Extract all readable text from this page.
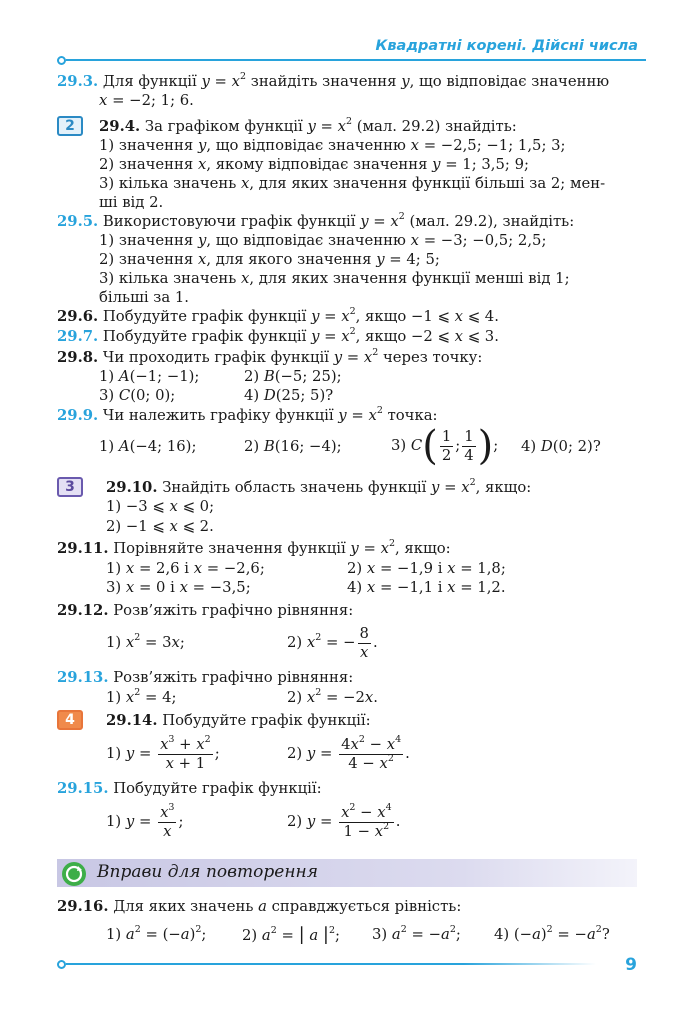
Квадратні корені. Дійсні числа
29.3. Для функції $y = x^2$ знайдіть значення y, що відповідає значенню
x = −2; 1; 6.
2	29.4. За графіком функції $y = x^2$ (мал. 29.2) знайдіть:
1) значення y, що відповідає значенню x = −2,5; −1; 1,5; 3;
2) значення x, якому відповідає значення y = 1; 3,5; 9;
3) кількa значень x, для яких значення функції більші за 2; мен-
ші від 2.
29.5. Використовуючи графік функції $y = x^2$ (мал. 29.2), знайдіть:
1) значення y, що відповідає значенню x = −3; −0,5; 2,5;
2) значення x, для якого значення y = 4; 5;
3) кількa значень x, для яких значення функції менші від 1;
більші за 1.
29.6. Побудуйте графік функції $y = x^2$, якщо −1 ⩽ x ⩽ 4.
29.7. Побудуйте графік функції $y = x^2$, якщо −2 ⩽ x ⩽ 3.
29.8. Чи проходить графік функції $y = x^2$ через точку:
1) A(−1; −1);	2) B(−5; 25);
3) C(0; 0);	4) D(25; 5)?
29.9. Чи належить графіку функції $y = x^2$ точка:
1) A(−4; 16);	2) B(16; −4);	3) $C( \frac{1}{2}$ ; $\frac{1}{4}$ ); 4) D(0; 2)?
3	29.10. Знайдіть область значень функції $y = x^2$, якщо:
1) −3 ⩽ x ⩽ 0;
2) −1 ⩽ x ⩽ 2.
29.11. Порівняйте значення функції $y = x^2$, якщо:
1) x = 2,6 і x = −2,6;	2) x = −1,9 і x = 1,8;
3) x = 0 і x = −3,5;	4) x = −1,1 і x = 1,2.
29.12. Розв’яжіть графічно рівняння:
1) $x^2 = 3x$;	2) $x^2$ = − $\frac{8}{x}$ .
29.13. Розв’яжіть графічно рівняння:
1) $x^2 = 4$;	2) $x^2 = -2x$.
4	29.14. Побудуйте графік функції:
1) $y = \frac{x^3 + x^2}{x + 1}$ ;	2) $y = \frac{4x^2 - x^4}{4 - x^2}$ .
29.15. Побудуйте графік функції:
1) $y = \frac{x^3}{x}$ ;	2) $y = \frac{x^2 - x^4}{1 - x^2}$ .
Вправи для повторення
29.16. Для яких значень a справджується рівність:
1) $a^2 = (-a)^2$; 2) $a^2$ = | a $|^2$; 3) $a^2 = -a^2$; 4) $(-a)^2 = -a^2$?
9
